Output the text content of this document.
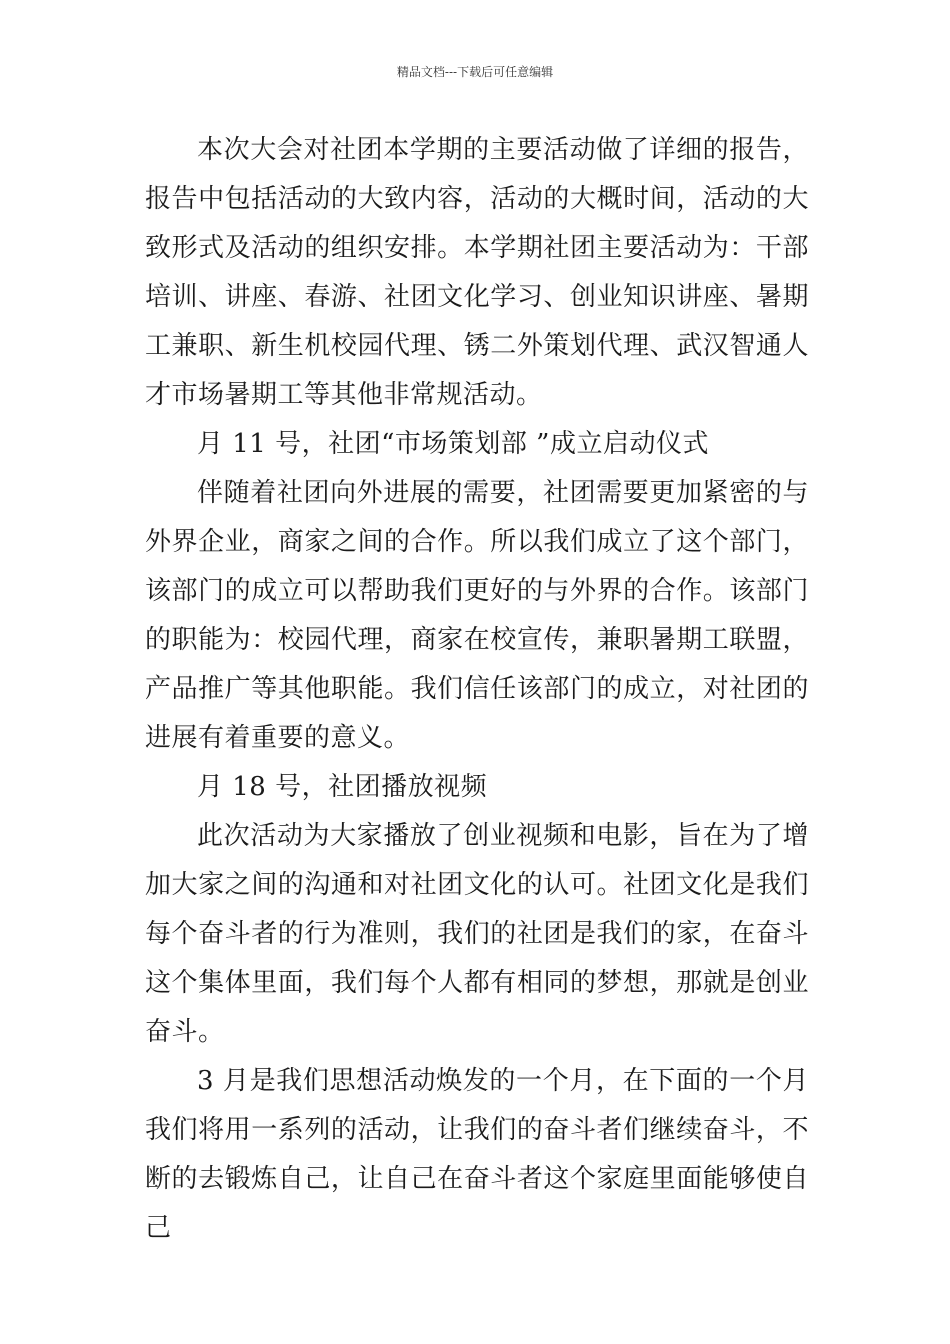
精品文档---下载后可任意编辑

本次大会对社团本学期的主要活动做了详细的报告，报告中包括活动的大致内容，活动的大概时间，活动的大致形式及活动的组织安排。本学期社团主要活动为：干部培训、讲座、春游、社团文化学习、创业知识讲座、暑期工兼职、新生机校园代理、锈二外策划代理、武汉智通人才市场暑期工等其他非常规活动。

月 11 号，社团“市场策划部 ”成立启动仪式

伴随着社团向外进展的需要，社团需要更加紧密的与外界企业，商家之间的合作。所以我们成立了这个部门，该部门的成立可以帮助我们更好的与外界的合作。该部门的职能为：校园代理，商家在校宣传，兼职暑期工联盟，产品推广等其他职能。我们信任该部门的成立，对社团的进展有着重要的意义。

月 18 号，社团播放视频

此次活动为大家播放了创业视频和电影，旨在为了增加大家之间的沟通和对社团文化的认可。社团文化是我们每个奋斗者的行为准则，我们的社团是我们的家，在奋斗这个集体里面，我们每个人都有相同的梦想，那就是创业奋斗。

3 月是我们思想活动焕发的一个月，在下面的一个月我们将用一系列的活动，让我们的奋斗者们继续奋斗，不断的去锻炼自己，让自己在奋斗者这个家庭里面能够使自己
